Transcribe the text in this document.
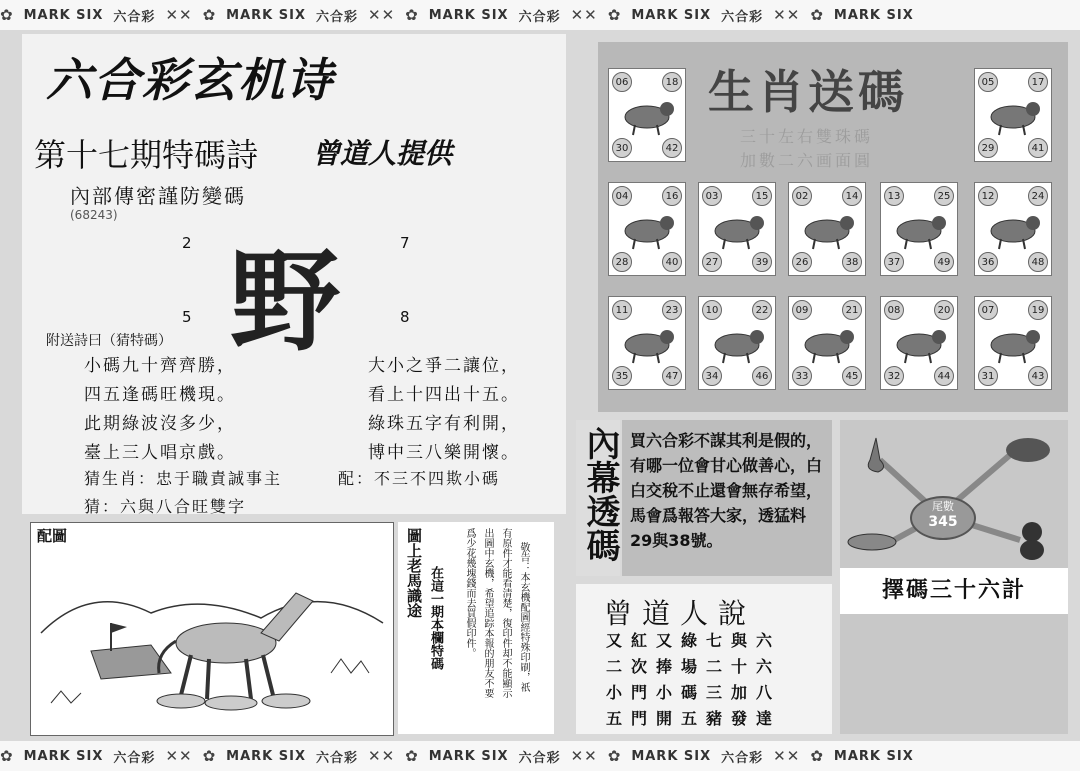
✿ MARK SIX 六合彩 ✕✕ ✿ MARK SIX 六合彩 ✕✕ ✿ MARK SIX 六合彩 ✕✕ ✿ MARK SIX 六合彩 ✕✕ ✿ MARK SIX
六合彩玄机诗
第十七期特碼詩 曾道人提供
內部傳密謹防變碼
(68243)
野
2	7
5	8
附送詩曰（猜特碼）
小碼九十齊齊勝，
四五逢碼旺機現。
此期綠波沒多少，
臺上三人唱京戲。
大小之爭二讓位，
看上十四出十五。
綠珠五字有利開，
博中三八樂開懷。
猜生肖：忠于職責誠事主	配：不三不四欺小碼
猜：六與八合旺雙字
配圖	圖上老馬識途 在這一期本欄特碼 爲少花幾塊錢而去買假印件。 出圖中玄機，希望追踪本報的朋友不要 有原件才能看清楚，復印件却不能顯示 敬告：本玄機配圖經特殊印刷，祇
生肖送碼
三十左右雙珠碼
加數二六画面圓
06	18
30	42
05	17
29	41
04	16
28	40
03	15
27	39
02	14
26	38
13	25
37	49
12	24
36	48
11	23
35	47
10	22
34	46
09	21
33	45
08	20
32	44
07	19
31	43
內幕透碼 買六合彩不謀其利是假的，有哪一位會甘心做善心，白白交稅不止還會無存希望，馬會爲報答大家，透猛料29與38號。
曾道人說
又紅又綠七與六
二次捧場二十六
小門小碼三加八
五門開五豬發達
尾數
345
擇碼三十六計
✿ MARK SIX 六合彩 ✕✕ ✿ MARK SIX 六合彩 ✕✕ ✿ MARK SIX 六合彩 ✕✕ ✿ MARK SIX 六合彩 ✕✕ ✿ MARK SIX
